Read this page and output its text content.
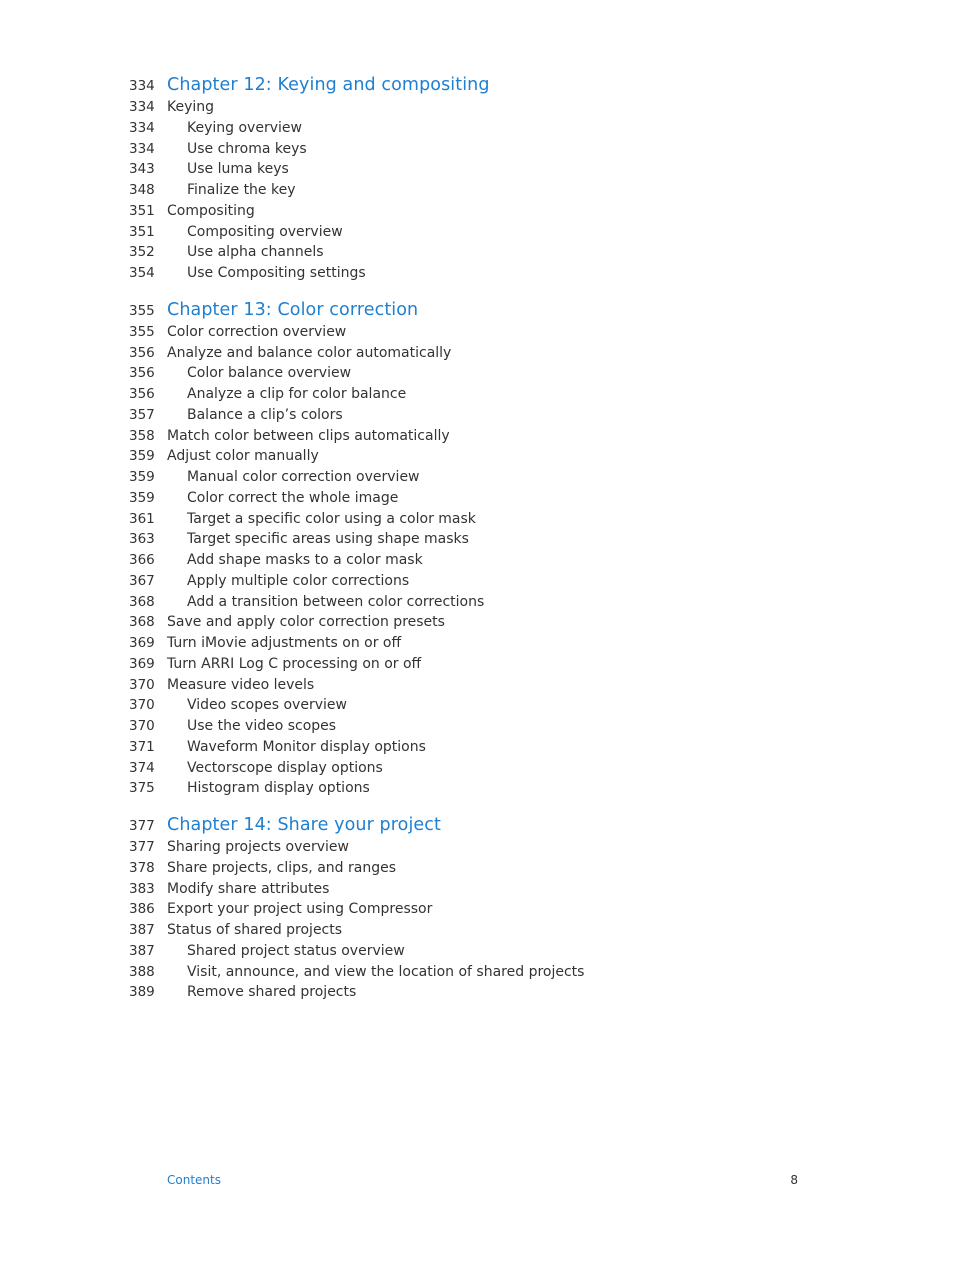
334 Chapter 12: Keying and compositing
334 Keying
334	Keying overview
334	Use chroma keys
343	Use luma keys
348	Finalize the key
351 Compositing
351	Compositing overview
352	Use alpha channels
354	Use Compositing settings
355 Chapter 13: Color correction
355 Color correction overview
356 Analyze and balance color automatically
356	Color balance overview
356	Analyze a clip for color balance
357	Balance a clip’s colors
358 Match color between clips automatically
359 Adjust color manually
359	Manual color correction overview
359	Color correct the whole image
361	Target a specific color using a color mask
363	Target specific areas using shape masks
366	Add shape masks to a color mask
367	Apply multiple color corrections
368	Add a transition between color corrections
368 Save and apply color correction presets
369 Turn iMovie adjustments on or off
369 Turn ARRI Log C processing on or off
370 Measure video levels
370	Video scopes overview
370	Use the video scopes
371	Waveform Monitor display options
374	Vectorscope display options
375	Histogram display options
377 Chapter 14: Share your project
377 Sharing projects overview
378 Share projects, clips, and ranges
383 Modify share attributes
386 Export your project using Compressor
387 Status of shared projects
387	Shared project status overview
388	Visit, announce, and view the location of shared projects
389	Remove shared projects
Contents	8
